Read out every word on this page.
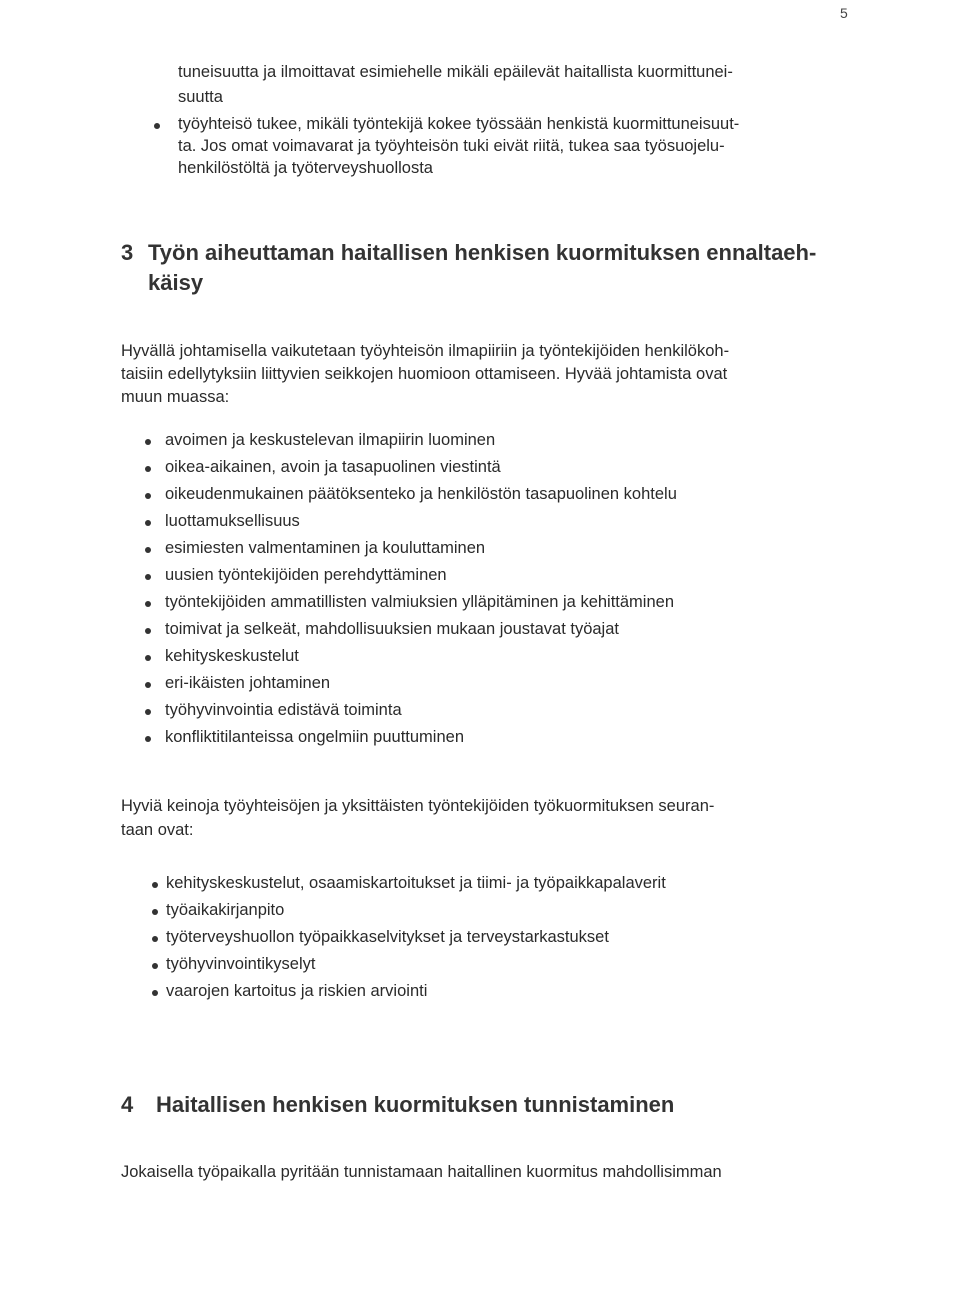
5
tuneisuutta ja ilmoittavat esimiehelle mikäli epäilevät haitallista kuormittunei-
suutta
työyhteisö tukee, mikäli työntekijä kokee työssään henkistä kuormittuneisuut-
ta. Jos omat voimavarat ja työyhteisön tuki eivät riitä, tukea saa työsuojelu-
henkilöstöltä ja työterveyshuollosta
3 Työn aiheuttaman haitallisen henkisen kuormituksen ennaltaeh-
käisy
Hyvällä johtamisella vaikutetaan työyhteisön ilmapiiriin ja työntekijöiden henkilökoh-
taisiin edellytyksiin liittyvien seikkojen huomioon ottamiseen. Hyvää johtamista ovat
muun muassa:
avoimen ja keskustelevan ilmapiirin luominen
oikea-aikainen, avoin ja tasapuolinen viestintä
oikeudenmukainen päätöksenteko ja henkilöstön tasapuolinen kohtelu
luottamuksellisuus
esimiesten valmentaminen ja kouluttaminen
uusien työntekijöiden perehdyttäminen
työntekijöiden ammatillisten valmiuksien ylläpitäminen ja kehittäminen
toimivat ja selkeät, mahdollisuuksien mukaan joustavat työajat
kehityskeskustelut
eri-ikäisten johtaminen
työhyvinvointia edistävä toiminta
konfliktitilanteissa ongelmiin puuttuminen
Hyviä keinoja työyhteisöjen ja yksittäisten työntekijöiden työkuormituksen seuran-
taan ovat:
kehityskeskustelut, osaamiskartoitukset ja tiimi- ja työpaikkapalaverit
työaikakirjanpito
työterveyshuollon työpaikkaselvitykset ja terveystarkastukset
työhyvinvointikyselyt
vaarojen kartoitus ja riskien arviointi
4 Haitallisen henkisen kuormituksen tunnistaminen
Jokaisella työpaikalla pyritään tunnistamaan haitallinen kuormitus mahdollisimman
